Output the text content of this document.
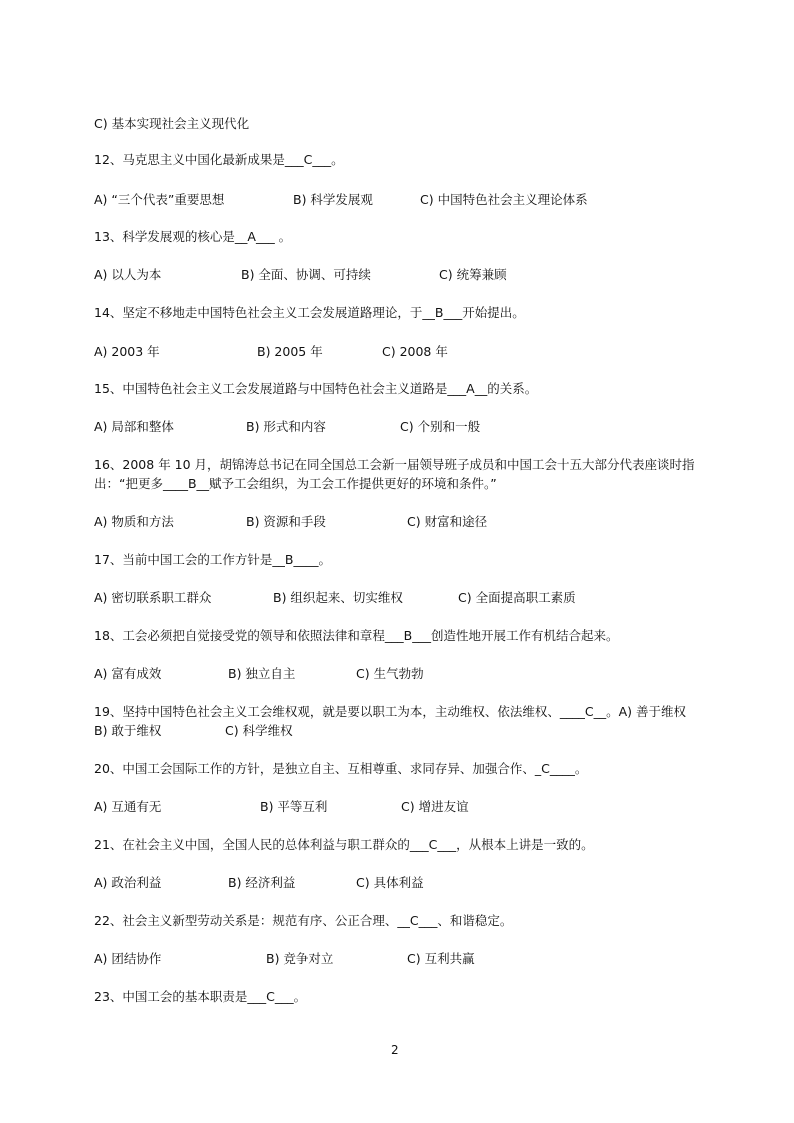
C) 基本实现社会主义现代化
12、马克思主义中国化最新成果是___C___。

A) “三个代表”重要思想

	B) 科学发展观

	C) 中国特色社会主义理论体系

13、科学发展观的核心是__A___ 。

A) 以人为本

	B) 全面、协调、可持续

	C) 统筹兼顾

14、坚定不移地走中国特色社会主义工会发展道路理论，于__B___开始提出。

A) 2003 年

	B) 2005 年

	C) 2008 年

15、中国特色社会主义工会发展道路与中国特色社会主义道路是___A__的关系。

A) 局部和整体

	B) 形式和内容

	C) 个别和一般

16、2008 年 10 月，胡锦涛总书记在同全国总工会新一届领导班子成员和中国工会十五大部分代表座谈时指
出：“把更多____B__赋予工会组织，为工会工作提供更好的环境和条件。”

A) 物质和方法

	B) 资源和手段

	C) 财富和途径

17、当前中国工会的工作方针是__B____。

A) 密切联系职工群众

	B) 组织起来、切实维权

	C) 全面提高职工素质

18、工会必须把自觉接受党的领导和依照法律和章程___B___创造性地开展工作有机结合起来。

A) 富有成效

	B) 独立自主

	C) 生气勃勃

19、坚持中国特色社会主义工会维权观，就是要以职工为本，主动维权、依法维权、____C__。A) 善于维权
B) 敢于维权                C) 科学维权
20、中国工会国际工作的方针，是独立自主、互相尊重、求同存异、加强合作、_C____。

A) 互通有无

	B) 平等互利

	C) 增进友谊

21、在社会主义中国，全国人民的总体利益与职工群众的___C___，从根本上讲是一致的。

A) 政治利益

	B) 经济利益

	C) 具体利益

22、社会主义新型劳动关系是：规范有序、公正合理、__C___、和谐稳定。

A) 团结协作

	B) 竞争对立

	C) 互利共赢

23、中国工会的基本职责是___C___。
2
